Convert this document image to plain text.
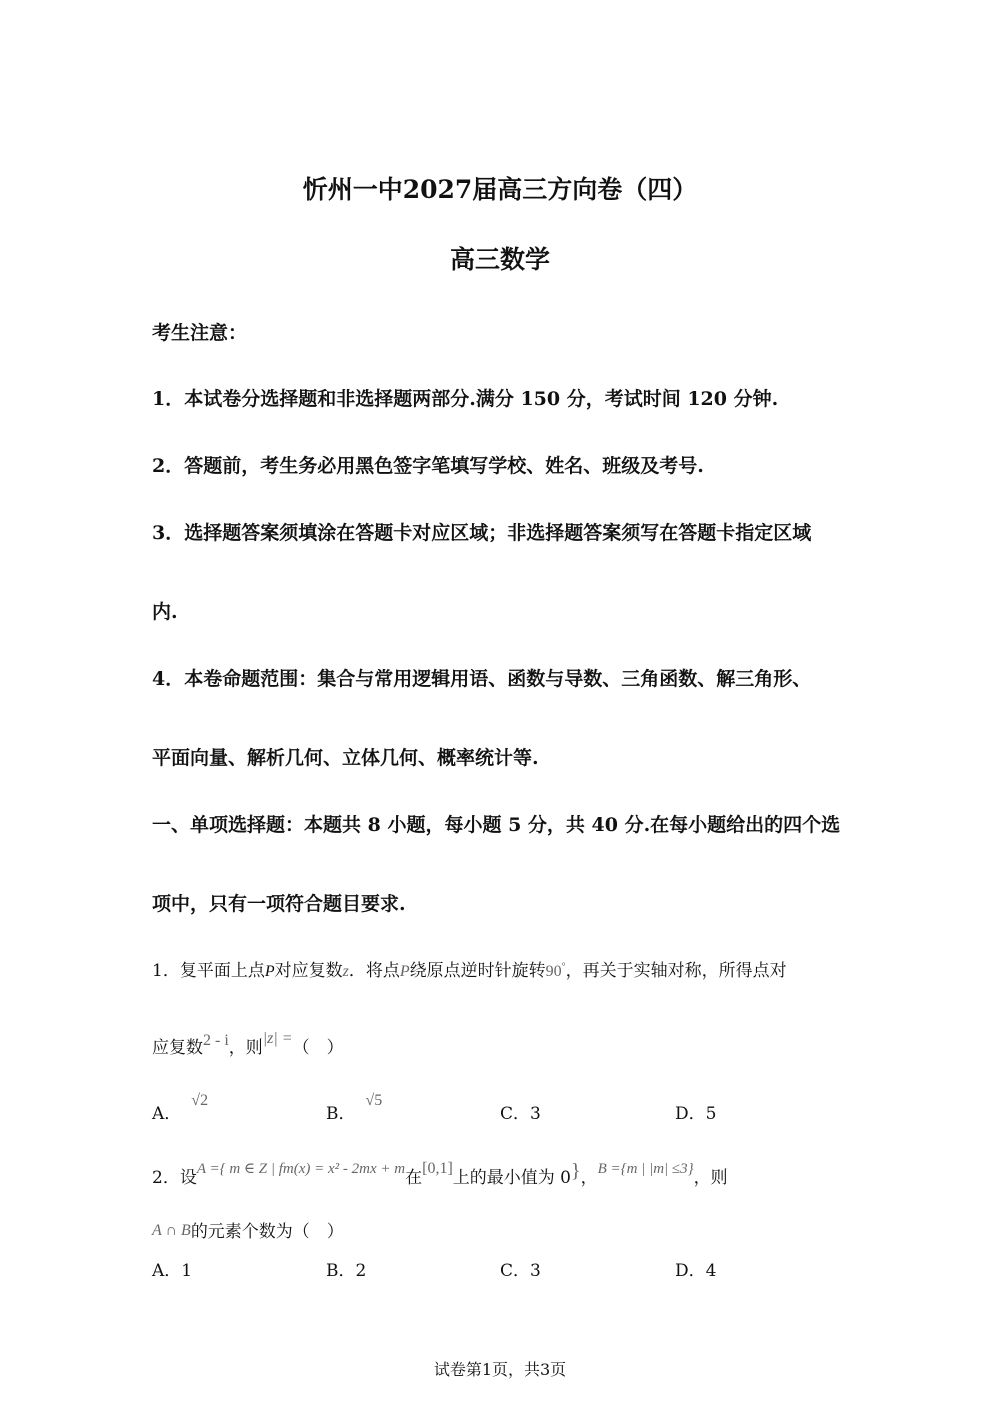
忻州一中2027届高三方向卷（四）
高三数学
考生注意：
1．本试卷分选择题和非选择题两部分.满分 150 分，考试时间 120 分钟.
2．答题前，考生务必用黑色签字笔填写学校、姓名、班级及考号.
3．选择题答案须填涂在答题卡对应区域；非选择题答案须写在答题卡指定区域
内.
4．本卷命题范围：集合与常用逻辑用语、函数与导数、三角函数、解三角形、
平面向量、解析几何、立体几何、概率统计等.
一、单项选择题：本题共 8 小题，每小题 5 分，共 40 分.在每小题给出的四个选
项中，只有一项符合题目要求.
1．复平面上点P对应复数z．将点P绕原点逆时针旋转90°，再关于实轴对称，所得点对
应复数2 - i，则|z| =（　）
A．√2
B．√5
C．3	D．5
2．设A ={ m ∈ Z | fm(x) = x² - 2mx + m在[0,1]上的最小值为 0}，B ={m | |m| ≤3}，则
A ∩ B的元素个数为（　）
A．1	B．2	C．3	D．4
试卷第1页，共3页
